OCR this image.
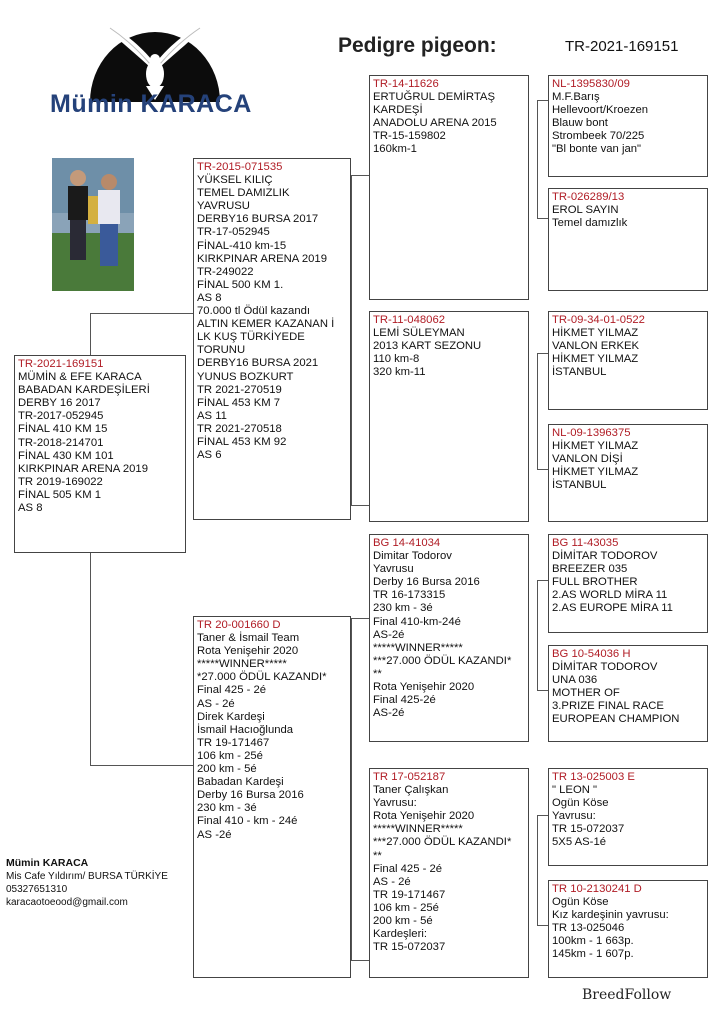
Mümin KARACA
Pedigre pigeon:	TR-2021-169151
TR-2021-169151
MÜMİN & EFE KARACA
BABADAN KARDEŞİLERİ
DERBY 16 2017
TR-2017-052945
FİNAL 410 KM 15
TR-2018-214701
FİNAL 430 KM 101
KIRKPINAR ARENA 2019
TR 2019-169022
FİNAL 505 KM 1
AS 8
TR-2015-071535
YÜKSEL KILIÇ
TEMEL DAMIZLIK
YAVRUSU
DERBY16 BURSA 2017
TR-17-052945
FİNAL-410 km-15
KIRKPINAR ARENA 2019
TR-249022
FİNAL 500 KM 1.
AS 8
70.000 tl Ödül kazandı
ALTIN KEMER KAZANAN İ
LK KUŞ TÜRKİYEDE
TORUNU
DERBY16 BURSA 2021
YUNUS BOZKURT
TR 2021-270519
FİNAL 453 KM 7
AS 11
TR 2021-270518
FİNAL 453 KM 92
AS 6
TR 20-001660 D
Taner & İsmail Team
Rota Yenişehir 2020
*****WINNER*****
*27.000 ÖDÜL KAZANDI*
Final 425 - 2é
AS - 2é
Direk Kardeşi
İsmail Hacıoğlunda
TR 19-171467
106 km - 25é
200 km - 5é
Babadan Kardeşi
Derby 16 Bursa 2016
230 km - 3é
Final 410 - km - 24é
AS -2é
TR-14-11626
ERTUĞRUL DEMİRTAŞ
KARDEŞİ
ANADOLU ARENA 2015
TR-15-159802
160km-1
TR-11-048062
LEMİ SÜLEYMAN
2013 KART SEZONU
110 km-8
320 km-11
BG 14-41034
Dimitar Todorov
Yavrusu
Derby 16 Bursa 2016
TR 16-173315
230 km - 3é
Final 410-km-24é
AS-2é
*****WINNER*****
***27.000 ÖDÜL KAZANDI*
**
Rota Yenişehir 2020
Final 425-2é
AS-2é
TR 17-052187
Taner Çalışkan
Yavrusu:
Rota Yenişehir 2020
*****WINNER*****
***27.000 ÖDÜL KAZANDI*
**
Final 425 - 2é
AS - 2é
TR 19-171467
106 km - 25é
200 km - 5é
Kardeşleri:
TR 15-072037
NL-1395830/09
M.F.Barış
Hellevoort/Kroezen
Blauw bont
Strombeek 70/225
"Bl bonte van jan"
TR-026289/13
EROL SAYIN
Temel damızlık
TR-09-34-01-0522
HİKMET YILMAZ
VANLON ERKEK
HİKMET YILMAZ
İSTANBUL
NL-09-1396375
HİKMET YILMAZ
VANLON DİŞİ
HİKMET YILMAZ
İSTANBUL
BG 11-43035
DİMİTAR TODOROV
BREEZER 035
FULL BROTHER
2.AS WORLD MİRA 11
2.AS EUROPE MİRA 11
BG 10-54036 H
DİMİTAR TODOROV
UNA 036
MOTHER OF
3.PRIZE FINAL RACE
EUROPEAN CHAMPION
TR 13-025003 E
" LEON "
Ogün Köse
Yavrusu:
TR 15-072037
5X5 AS-1é
TR 10-2130241 D
Ogün Köse
Kız kardeşinin yavrusu:
TR 13-025046
100km - 1 663p.
145km - 1 607p.
Mümin KARACA
Mis Cafe Yıldırım/ BURSA TÜRKİYE
05327651310
karacaotoeood@gmail.com
BreedFollow
